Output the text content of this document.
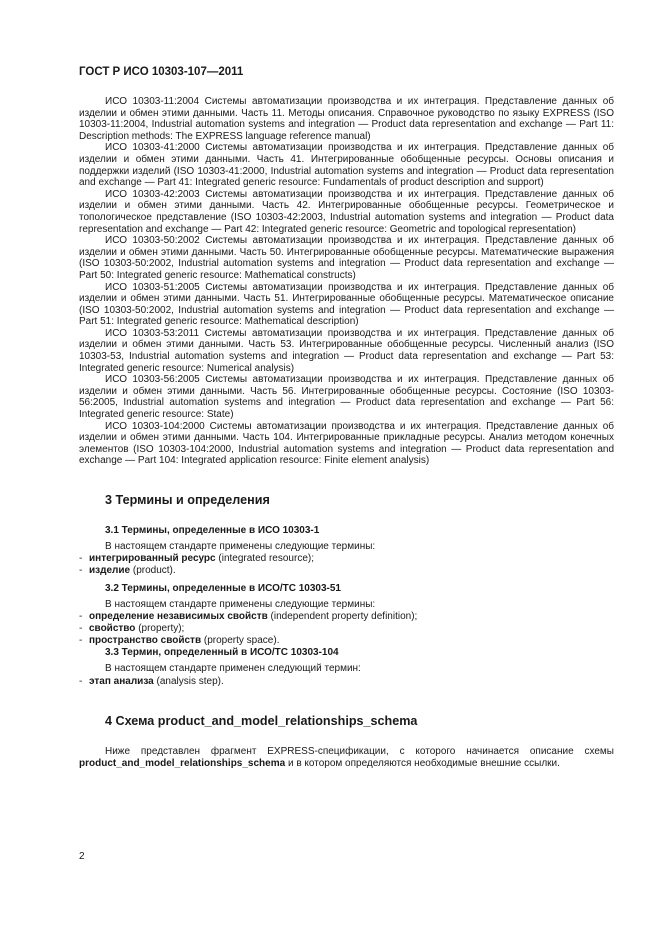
ГОСТ Р ИСО 10303-107—2011

ИСО 10303-11:2004 Системы автоматизации производства и их интеграция. Представление данных об изделии и обмен этими данными. Часть 11. Методы описания. Справочное руководство по языку EXPRESS (ISO 10303-11:2004, Industrial automation systems and integration — Product data representation and exchange — Part 11: Description methods: The EXPRESS language reference manual)

ИСО 10303-41:2000 Системы автоматизации производства и их интеграция. Представление данных об изделии и обмен этими данными. Часть 41. Интегрированные обобщенные ресурсы. Основы описания и поддержки изделий (ISO 10303-41:2000, Industrial automation systems and integration — Product data representation and exchange — Part 41: Integrated generic resource: Fundamentals of product description and support)

ИСО 10303-42:2003 Системы автоматизации производства и их интеграция. Представление данных об изделии и обмен этими данными. Часть 42. Интегрированные обобщенные ресурсы. Геометрическое и топологическое представление (ISO 10303-42:2003, Industrial automation systems and integration — Product data representation and exchange — Part 42: Integrated generic resource: Geometric and topological representation)

ИСО 10303-50:2002 Системы автоматизации производства и их интеграция. Представление данных об изделии и обмен этими данными. Часть 50. Интегрированные обобщенные ресурсы. Математические выражения (ISO 10303-50:2002, Industrial automation systems and integration — Product data representation and exchange — Part 50: Integrated generic resource: Mathematical constructs)

ИСО 10303-51:2005 Системы автоматизации производства и их интеграция. Представление данных об изделии и обмен этими данными. Часть 51. Интегрированные обобщенные ресурсы. Математическое описание (ISO 10303-50:2002, Industrial automation systems and integration — Product data representation and exchange — Part 51: Integrated generic resource: Mathematical description)

ИСО 10303-53:2011 Системы автоматизации производства и их интеграция. Представление данных об изделии и обмен этими данными. Часть 53. Интегрированные обобщенные ресурсы. Численный анализ (ISO 10303-53, Industrial automation systems and integration — Product data representation and exchange — Part 53: Integrated generic resource: Numerical analysis)

ИСО 10303-56:2005 Системы автоматизации производства и их интеграция. Представление данных об изделии и обмен этими данными. Часть 56. Интегрированные обобщенные ресурсы. Состояние (ISO 10303-56:2005, Industrial automation systems and integration — Product data representation and exchange — Part 56: Integrated generic resource: State)

ИСО 10303-104:2000 Системы автоматизации производства и их интеграция. Представление данных об изделии и обмен этими данными. Часть 104. Интегрированные прикладные ресурсы. Анализ методом конечных элементов (ISO 10303-104:2000, Industrial automation systems and integration — Product data representation and exchange — Part 104: Integrated application resource: Finite element analysis)

3 Термины и определения
3.1 Термины, определенные в ИСО 10303-1

В настоящем стандарте применены следующие термины:

- интегрированный ресурс (integrated resource);
- изделие (product).
3.2 Термины, определенные в ИСО/ТС 10303-51

В настоящем стандарте применены следующие термины:

- определение независимых свойств (independent property definition);
- свойство (property);
- пространство свойств (property space).
3.3 Термин, определенный в ИСО/ТС 10303-104

В настоящем стандарте применен следующий термин:

- этап анализа (analysis step).
4 Схема product_and_model_relationships_schema

Ниже представлен фрагмент EXPRESS-спецификации, с которого начинается описание схемы product_and_model_relationships_schema и в котором определяются необходимые внешние ссылки.

2
